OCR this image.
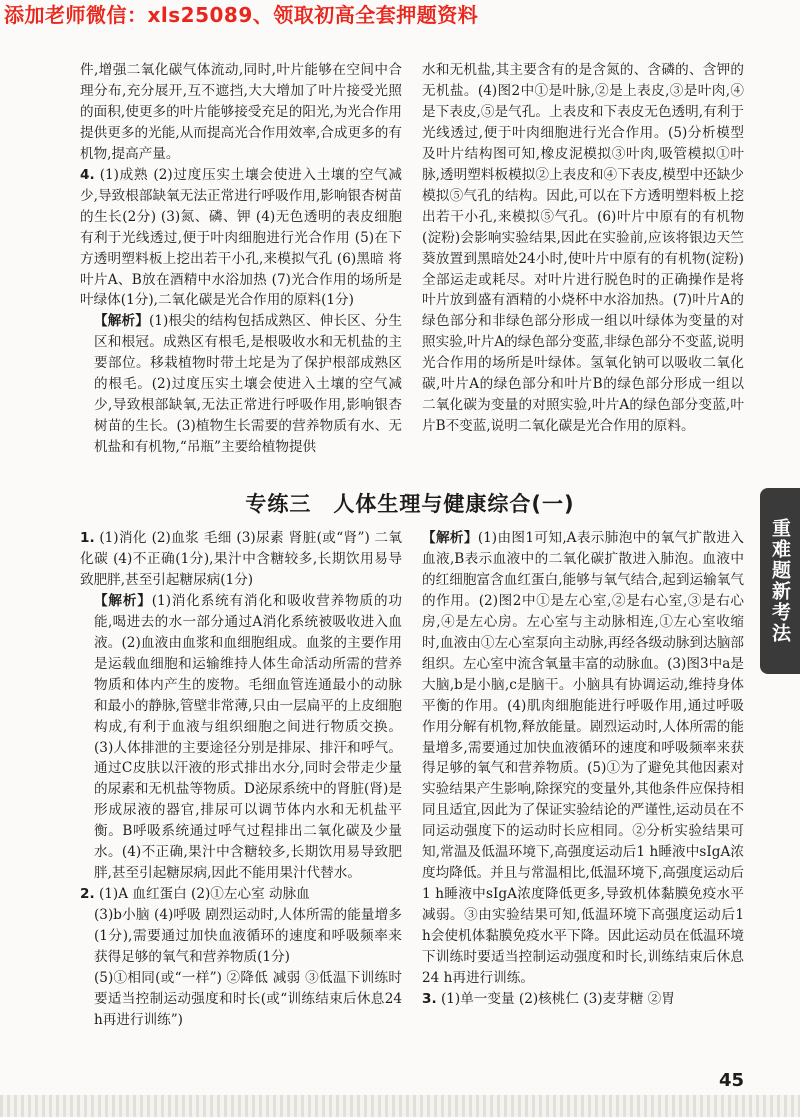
添加老师微信：xls25089、领取初高全套押题资料

件,增强二氧化碳气体流动,同时,叶片能够在空间中合理分布,充分展开,互不遮挡,大大增加了叶片接受光照的面积,使更多的叶片能够接受充足的阳光,为光合作用提供更多的光能,从而提高光合作用效率,合成更多的有机物,提高产量。

4. (1)成熟 (2)过度压实土壤会使进入土壤的空气减少,导致根部缺氧无法正常进行呼吸作用,影响银杏树苗的生长(2分) (3)氮、磷、钾 (4)无色透明的表皮细胞有利于光线透过,便于叶肉细胞进行光合作用 (5)在下方透明塑料板上挖出若干小孔,来模拟气孔 (6)黑暗 将叶片A、B放在酒精中水浴加热 (7)光合作用的场所是叶绿体(1分),二氧化碳是光合作用的原料(1分)
【解析】(1)根尖的结构包括成熟区、伸长区、分生区和根冠。成熟区有根毛,是根吸收水和无机盐的主要部位。移栽植物时带土坨是为了保护根部成熟区的根毛。(2)过度压实土壤会使进入土壤的空气减少,导致根部缺氧,无法正常进行呼吸作用,影响银杏树苗的生长。(3)植物生长需要的营养物质有水、无机盐和有机物,“吊瓶”主要给植物提供

水和无机盐,其主要含有的是含氮的、含磷的、含钾的无机盐。(4)图2中①是叶脉,②是上表皮,③是叶肉,④是下表皮,⑤是气孔。上表皮和下表皮无色透明,有利于光线透过,便于叶肉细胞进行光合作用。(5)分析模型及叶片结构图可知,橡皮泥模拟③叶肉,吸管模拟①叶脉,透明塑料板模拟②上表皮和④下表皮,模型中还缺少模拟⑤气孔的结构。因此,可以在下方透明塑料板上挖出若干小孔,来模拟⑤气孔。(6)叶片中原有的有机物(淀粉)会影响实验结果,因此在实验前,应该将银边天竺葵放置到黑暗处24小时,使叶片中原有的有机物(淀粉)全部运走或耗尽。对叶片进行脱色时的正确操作是将叶片放到盛有酒精的小烧杯中水浴加热。(7)叶片A的绿色部分和非绿色部分形成一组以叶绿体为变量的对照实验,叶片A的绿色部分变蓝,非绿色部分不变蓝,说明光合作用的场所是叶绿体。氢氧化钠可以吸收二氧化碳,叶片A的绿色部分和叶片B的绿色部分形成一组以二氧化碳为变量的对照实验,叶片A的绿色部分变蓝,叶片B不变蓝,说明二氧化碳是光合作用的原料。

专练三　人体生理与健康综合(一)
重难题新考法

1. (1)消化 (2)血浆 毛细 (3)尿素 肾脏(或“肾”) 二氧化碳 (4)不正确(1分),果汁中含糖较多,长期饮用易导致肥胖,甚至引起糖尿病(1分)
【解析】(1)消化系统有消化和吸收营养物质的功能,喝进去的水一部分通过A消化系统被吸收进入血液。(2)血液由血浆和血细胞组成。血浆的主要作用是运载血细胞和运输维持人体生命活动所需的营养物质和体内产生的废物。毛细血管连通最小的动脉和最小的静脉,管壁非常薄,只由一层扁平的上皮细胞构成,有利于血液与组织细胞之间进行物质交换。(3)人体排泄的主要途径分别是排尿、排汗和呼气。通过C皮肤以汗液的形式排出水分,同时会带走少量的尿素和无机盐等物质。D泌尿系统中的肾脏(肾)是形成尿液的器官,排尿可以调节体内水和无机盐平衡。B呼吸系统通过呼气过程排出二氧化碳及少量水。(4)不正确,果汁中含糖较多,长期饮用易导致肥胖,甚至引起糖尿病,因此不能用果汁代替水。

2. (1)A 血红蛋白 (2)①左心室 动脉血
(3)b小脑 (4)呼吸 剧烈运动时,人体所需的能量增多(1分),需要通过加快血液循环的速度和呼吸频率来获得足够的氧气和营养物质(1分)
(5)①相同(或“一样”) ②降低 减弱 ③低温下训练时要适当控制运动强度和时长(或“训练结束后休息24 h再进行训练”)

【解析】(1)由图1可知,A表示肺泡中的氧气扩散进入血液,B表示血液中的二氧化碳扩散进入肺泡。血液中的红细胞富含血红蛋白,能够与氧气结合,起到运输氧气的作用。(2)图2中①是左心室,②是右心室,③是右心房,④是左心房。左心室与主动脉相连,①左心室收缩时,血液由①左心室泵向主动脉,再经各级动脉到达脑部组织。左心室中流含氧量丰富的动脉血。(3)图3中a是大脑,b是小脑,c是脑干。小脑具有协调运动,维持身体平衡的作用。(4)肌肉细胞能进行呼吸作用,通过呼吸作用分解有机物,释放能量。剧烈运动时,人体所需的能量增多,需要通过加快血液循环的速度和呼吸频率来获得足够的氧气和营养物质。(5)①为了避免其他因素对实验结果产生影响,除探究的变量外,其他条件应保持相同且适宜,因此为了保证实验结论的严谨性,运动员在不同运动强度下的运动时长应相同。②分析实验结果可知,常温及低温环境下,高强度运动后1 h睡液中sIgA浓度均降低。并且与常温相比,低温环境下,高强度运动后1 h睡液中sIgA浓度降低更多,导致机体黏膜免疫水平减弱。③由实验结果可知,低温环境下高强度运动后1 h会使机体黏膜免疫水平下降。因此运动员在低温环境下训练时要适当控制运动强度和时长,训练结束后休息24 h再进行训练。

3. (1)单一变量 (2)核桃仁 (3)麦芽糖 ②胃

45
